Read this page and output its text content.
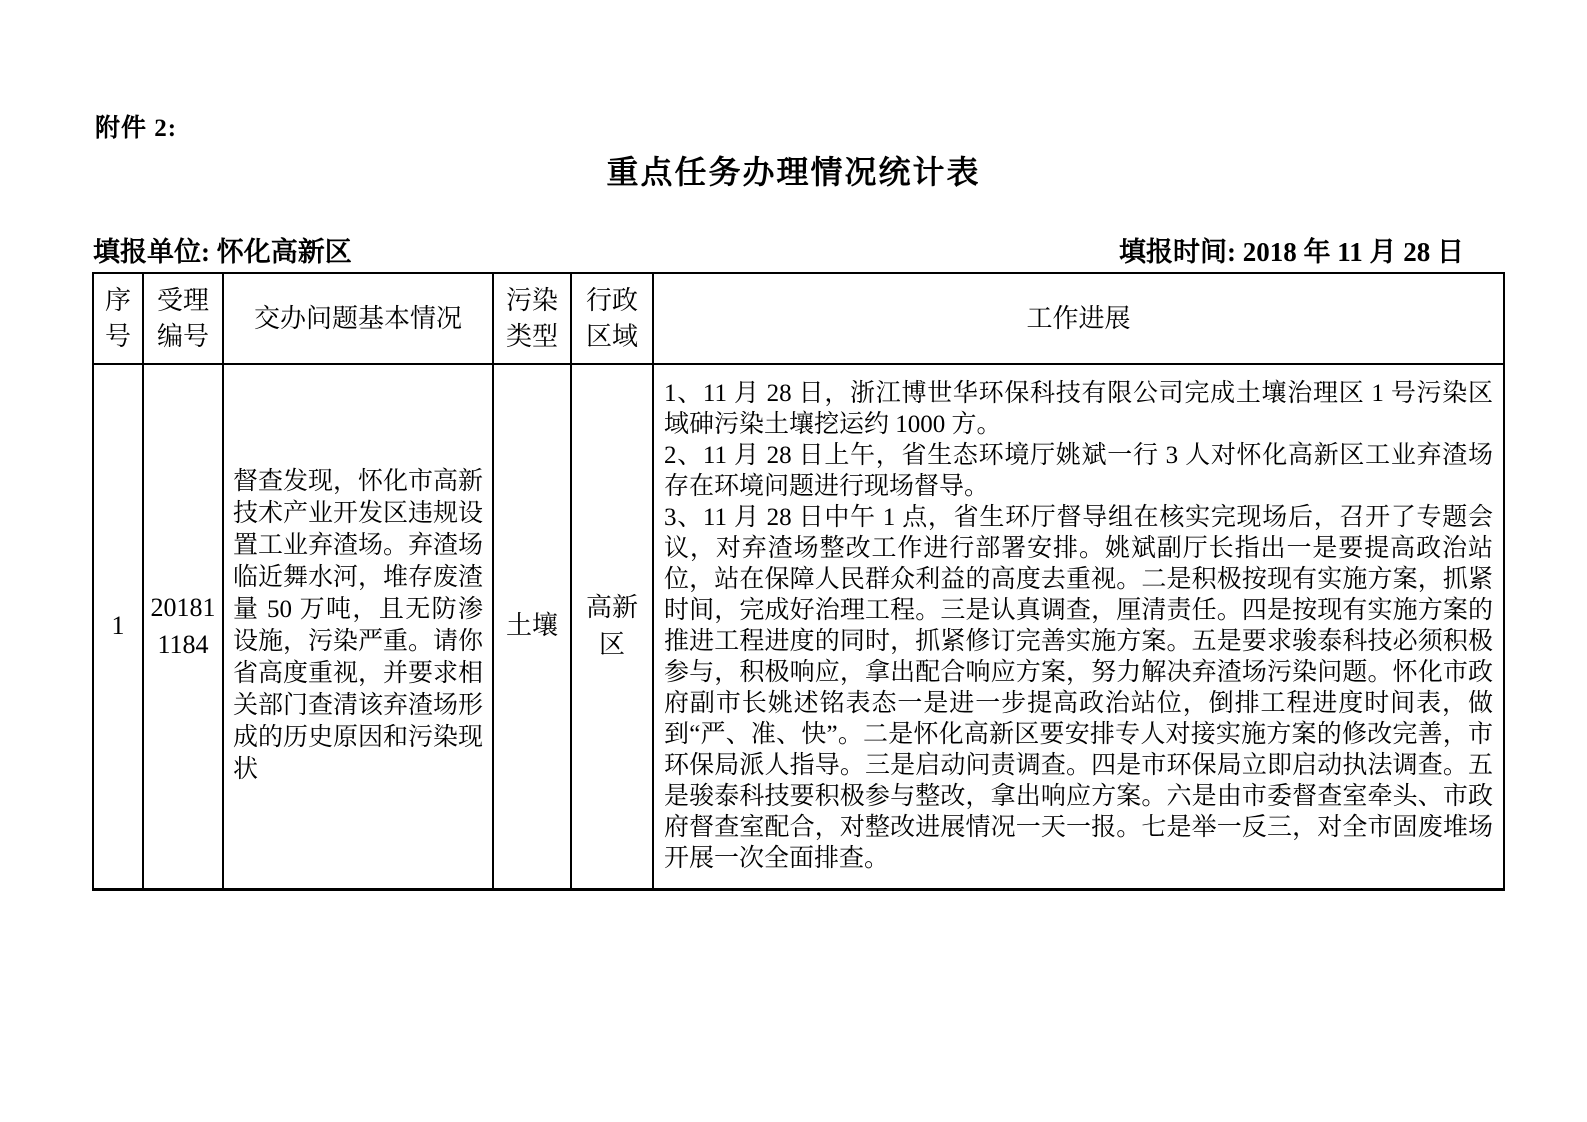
附件 2:
重点任务办理情况统计表
填报单位: 怀化高新区	填报时间: 2018 年 11 月 28 日
序号	受理编号	交办问题基本情况	污染类型	行政区域	工作进展
1	201811184	督查发现，怀化市高新技术产业开发区违规设置工业弃渣场。弃渣场临近舞水河，堆存废渣量 50 万吨，且无防渗设施，污染严重。请你省高度重视，并要求相关部门查清该弃渣场形成的历史原因和污染现状	土壤	高新区	1、11 月 28 日，浙江博世华环保科技有限公司完成土壤治理区 1 号污染区域砷污染土壤挖运约 1000 方。

2、11 月 28 日上午，省生态环境厅姚斌一行 3 人对怀化高新区工业弃渣场存在环境问题进行现场督导。

3、11 月 28 日中午 1 点，省生环厅督导组在核实完现场后，召开了专题会议，对弃渣场整改工作进行部署安排。姚斌副厅长指出一是要提高政治站位，站在保障人民群众利益的高度去重视。二是积极按现有实施方案，抓紧时间，完成好治理工程。三是认真调查，厘清责任。四是按现有实施方案的推进工程进度的同时，抓紧修订完善实施方案。五是要求骏泰科技必须积极参与，积极响应，拿出配合响应方案，努力解决弃渣场污染问题。怀化市政府副市长姚述铭表态一是进一步提高政治站位，倒排工程进度时间表，做到“严、准、快”。二是怀化高新区要安排专人对接实施方案的修改完善，市环保局派人指导。三是启动问责调查。四是市环保局立即启动执法调查。五是骏泰科技要积极参与整改，拿出响应方案。六是由市委督查室牵头、市政府督查室配合，对整改进展情况一天一报。七是举一反三，对全市固废堆场开展一次全面排查。
